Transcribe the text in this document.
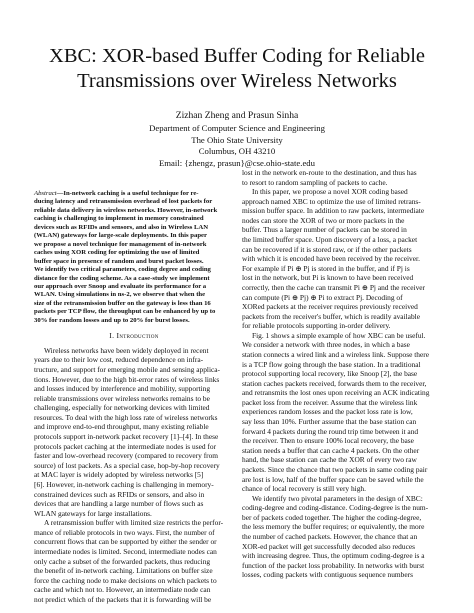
XBC: XOR-based Buffer Coding for Reliable
Transmissions over Wireless Networks
Zizhan Zheng and Prasun Sinha
Department of Computer Science and Engineering
The Ohio State University
Columbus, OH 43210
Email: {zhengz, prasun}@cse.ohio-state.edu
Abstract—In-network caching is a useful technique for re-
ducing latency and retransmission overhead of lost packets for
reliable data delivery in wireless networks. However, in-network
caching is challenging to implement in memory constrained
devices such as RFIDs and sensors, and also in Wireless LAN
(WLAN) gateways for large-scale deployments. In this paper
we propose a novel technique for management of in-network
caches using XOR coding for optimizing the use of limited
buffer space in presence of random and burst packet losses.
We identify two critical parameters, coding degree and coding
distance for the coding scheme. As a case-study we implement
our approach over Snoop and evaluate its performance for a
WLAN. Using simulations in ns-2, we observe that when the
size of the retransmission buffer on the gateway is less than 16
packets per TCP flow, the throughput can be enhanced by up to
30% for random losses and up to 20% for burst losses.
I. Introduction
Wireless networks have been widely deployed in recent
years due to their low cost, reduced dependence on infra-
tructure, and support for emerging mobile and sensing applica-
tions. However, due to the high bit-error rates of wireless links
and losses induced by interference and mobility, supporting
reliable transmissions over wireless networks remains to be
challenging, especially for networking devices with limited
resources. To deal with the high loss rate of wireless networks
and improve end-to-end throughput, many existing reliable
protocols support in-network packet recovery [1]–[4]. In these
protocols packet caching at the intermediate nodes is used for
faster and low-overhead recovery (compared to recovery from
source) of lost packets. As a special case, hop-by-hop recovery
at MAC layer is widely adopted by wireless networks [5]
[6]. However, in-network caching is challenging in memory-
constrained devices such as RFIDs or sensors, and also in
devices that are handling a large number of flows such as
WLAN gateways for large installations.
A retransmission buffer with limited size restricts the perfor-
mance of reliable protocols in two ways. First, the number of
concurrent flows that can be supported by either the sender or
intermediate nodes is limited. Second, intermediate nodes can
only cache a subset of the forwarded packets, thus reducing
the benefit of in-network caching. Limitations on buffer size
force the caching node to make decisions on which packets to
cache and which not to. However, an intermediate node can
not predict which of the packets that it is forwarding will be
lost in the network en-route to the destination, and thus has
to resort to random sampling of packets to cache.
In this paper, we propose a novel XOR coding based
approach named XBC to optimize the use of limited retrans-
mission buffer space. In addition to raw packets, intermediate
nodes can store the XOR of two or more packets in the
buffer. Thus a larger number of packets can be stored in
the limited buffer space. Upon discovery of a loss, a packet
can be recovered if it is stored raw, or if the other packets
with which it is encoded have been received by the receiver.
For example if Pi ⊕ Pj is stored in the buffer, and if Pj is
lost in the network, but Pi is known to have been received
correctly, then the cache can transmit Pi ⊕ Pj and the receiver
can compute (Pi ⊕ Pj) ⊕ Pi to extract Pj. Decoding of
XORed packets at the receiver requires previously received
packets from the receiver's buffer, which is readily available
for reliable protocols supporting in-order delivery.
Fig. 1 shows a simple example of how XBC can be useful.
We consider a network with three nodes, in which a base
station connects a wired link and a wireless link. Suppose there
is a TCP flow going through the base station. In a traditional
protocol supporting local recovery, like Snoop [2], the base
station caches packets received, forwards them to the receiver,
and retransmits the lost ones upon receiving an ACK indicating
packet loss from the receiver. Assume that the wireless link
experiences random losses and the packet loss rate is low,
say less than 10%. Further assume that the base station can
forward 4 packets during the round trip time between it and
the receiver. Then to ensure 100% local recovery, the base
station needs a buffer that can cache 4 packets. On the other
hand, the base station can cache the XOR of every two raw
packets. Since the chance that two packets in same coding pair
are lost is low, half of the buffer space can be saved while the
chance of local recovery is still very high.
We identify two pivotal parameters in the design of XBC:
coding-degree and coding-distance. Coding-degree is the num-
ber of packets coded together. The higher the coding-degree,
the less memory the buffer requires; or equivalently, the more
the number of cached packets. However, the chance that an
XOR-ed packet will get successfully decoded also reduces
with increasing degree. Thus, the optimum coding-degree is a
function of the packet loss probability. In networks with burst
losses, coding packets with contiguous sequence numbers
